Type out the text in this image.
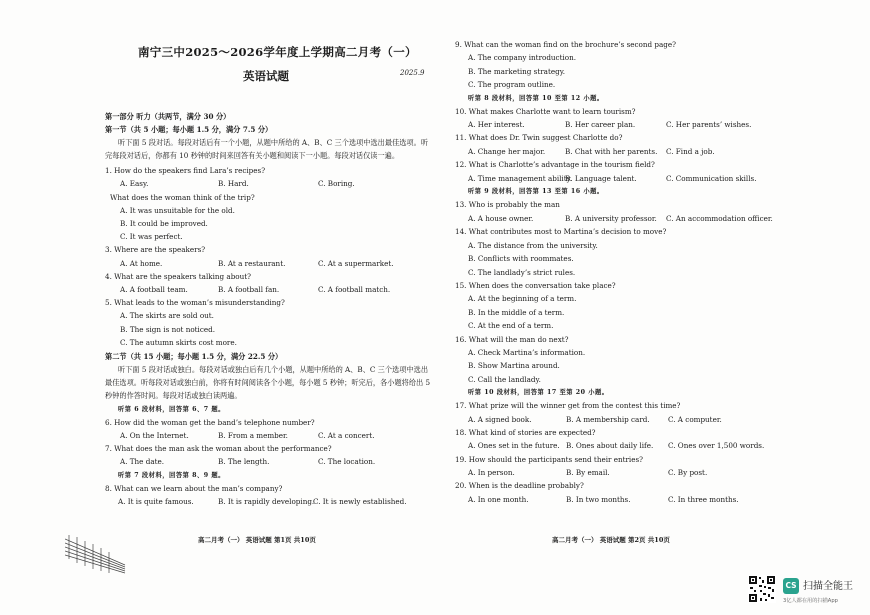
南宁三中2025～2026学年度上学期高二月考（一）
英语试题	2025.9
第一部分 听力（共两节，满分 30 分）
第一节（共 5 小题；每小题 1.5 分，满分 7.5 分）
听下面 5 段对话。每段对话后有一个小题，从题中所给的 A、B、C 三个选项中选出最佳选项。听
完每段对话后，你都有 10 秒钟的时间来回答有关小题和阅读下一小题。每段对话仅读一遍。
1. How do the speakers find Lara’s recipes?
A. Easy.	B. Hard.	C. Boring.
What does the woman think of the trip?
A. It was unsuitable for the old.
B. It could be improved.
C. It was perfect.
3. Where are the speakers?
A. At home.	B. At a restaurant.	C. At a supermarket.
4. What are the speakers talking about?
A. A football team.	B. A football fan.	C. A football match.
5. What leads to the woman’s misunderstanding?
A. The skirts are sold out.
B. The sign is not noticed.
C. The autumn skirts cost more.
第二节（共 15 小题；每小题 1.5 分，满分 22.5 分）
听下面 5 段对话或独白。每段对话或独白后有几个小题，从题中所给的 A、B、C 三个选项中选出
最佳选项。听每段对话或独白前，你将有时间阅读各个小题，每小题 5 秒钟；听完后，各小题将给出 5
秒钟的作答时间。每段对话或独白读两遍。
听第 6 段材料，回答第 6、7 题。
6. How did the woman get the band’s telephone number?
A. On the Internet.	B. From a member.	C. At a concert.
7. What does the man ask the woman about the performance?
A. The date.	B. The length.	C. The location.
听第 7 段材料，回答第 8、9 题。
8. What can we learn about the man’s company?
A. It is quite famous.	B. It is rapidly developing.
C. It is newly established.
高二月考（一） 英语试题 第1页 共10页
9. What can the woman find on the brochure’s second page?
A. The company introduction.
B. The marketing strategy.
C. The program outline.
听第 8 段材料，回答第 10 至第 12 小题。
10. What makes Charlotte want to learn tourism?
A. Her interest.	B. Her career plan.	C. Her parents’ wishes.
11. What does Dr. Twin suggest Charlotte do?
A. Change her major.	B. Chat with her parents. C. Find a job.
12. What is Charlotte’s advantage in the tourism field?
A. Time management ability.
B. Language talent.	C. Communication skills.
听第 9 段材料，回答第 13 至第 16 小题。
13. Who is probably the man
A. A house owner.	B. A university professor. C. An accommodation officer.
14. What contributes most to Martina’s decision to move?
A. The distance from the university.
B. Conflicts with roommates.
C. The landlady’s strict rules.
15. When does the conversation take place?
A. At the beginning of a term.
B. In the middle of a term.
C. At the end of a term.
16. What will the man do next?
A. Check Martina’s information.
B. Show Martina around.
C. Call the landlady.
听第 10 段材料，回答第 17 至第 20 小题。
17. What prize will the winner get from the contest this time?
A. A signed book.	B. A membership card.	C. A computer.
18. What kind of stories are expected?
A. Ones set in the future. B. Ones about daily life. C. Ones over 1,500 words.
19. How should the participants send their entries?
A. In person.	B. By email.	C. By post.
20. When is the deadline probably?
A. In one month.	B. In two months.	C. In three months.
高二月考（一） 英语试题 第2页 共10页
CS 扫描全能王
3亿人都在用的扫描App
